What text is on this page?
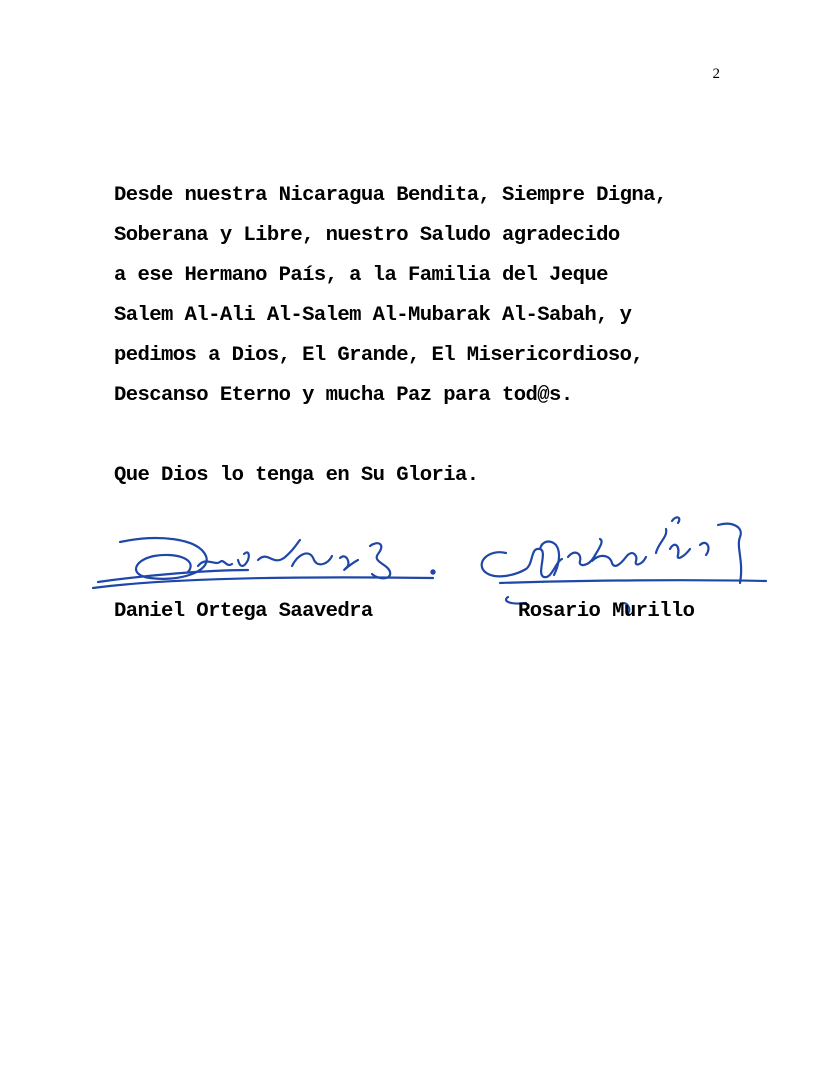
2
Desde nuestra Nicaragua Bendita, Siempre Digna,
Soberana y Libre, nuestro Saludo agradecido
a ese Hermano País, a la Familia del Jeque
Salem Al-Ali Al-Salem Al-Mubarak Al-Sabah, y
pedimos a Dios, El Grande, El Misericordioso,
Descanso Eterno y mucha Paz para tod@s.
Que Dios lo tenga en Su Gloria.
Daniel Ortega Saavedra	Rosario Murillo
